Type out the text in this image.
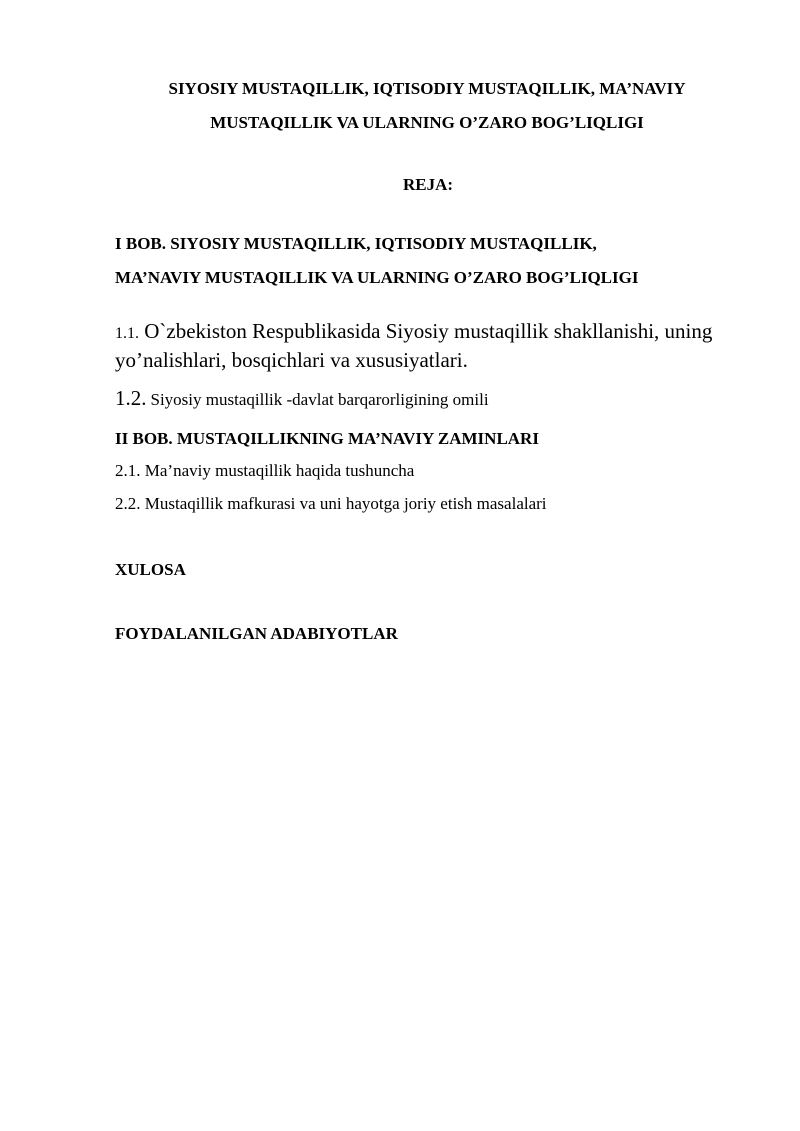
SIYOSIY MUSTAQILLIK, IQTISODIY MUSTAQILLIK, MA’NAVIY
MUSTAQILLIK VA ULARNING O’ZARO BOG’LIQLIGI
REJA:
I BOB. SIYOSIY MUSTAQILLIK, IQTISODIY MUSTAQILLIK,
MA’NAVIY MUSTAQILLIK VA ULARNING O’ZARO BOG’LIQLIGI
1.1. O`zbekiston Respublikasida Siyosiy mustaqillik shakllanishi, uning yo’nalishlari, bosqichlari va xususiyatlari.
1.2. Siyosiy mustaqillik -davlat barqarorligining omili
II BOB. MUSTAQILLIKNING MA’NAVIY ZAMINLARI
2.1. Ma’naviy mustaqillik haqida tushuncha
2.2. Mustaqillik mafkurasi va uni hayotga joriy etish masalalari
XULOSA
FOYDALANILGAN ADABIYOTLAR
